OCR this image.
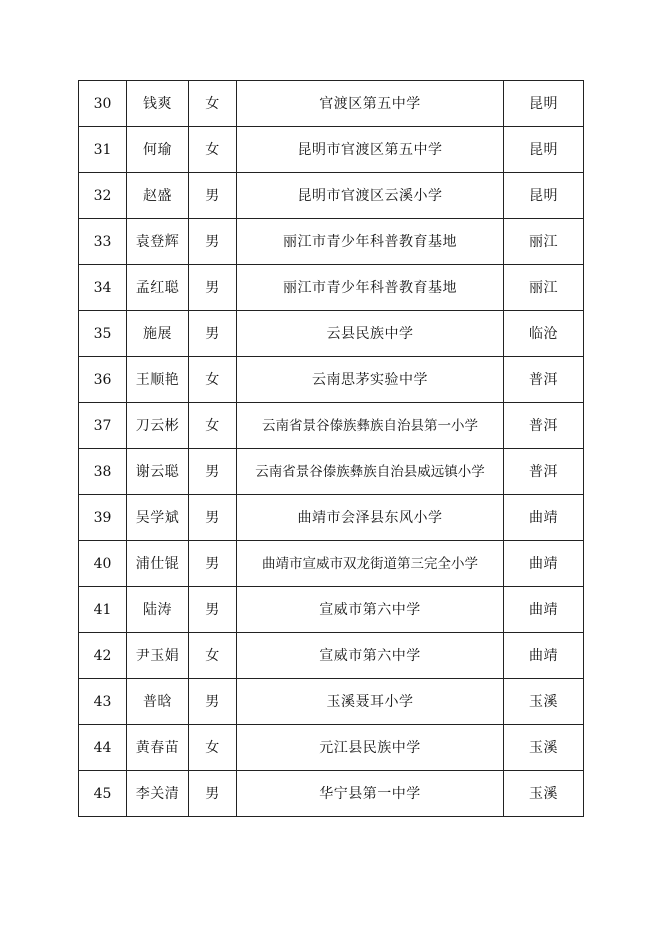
30	钱爽	女	官渡区第五中学	昆明
31	何瑜	女	昆明市官渡区第五中学	昆明
32	赵盛	男	昆明市官渡区云溪小学	昆明
33	袁登辉	男	丽江市青少年科普教育基地	丽江
34	孟红聪	男	丽江市青少年科普教育基地	丽江
35	施展	男	云县民族中学	临沧
36	王顺艳	女	云南思茅实验中学	普洱
37	刀云彬	女	云南省景谷傣族彝族自治县第一小学	普洱
38	谢云聪	男	云南省景谷傣族彝族自治县威远镇小学	普洱
39	吴学斌	男	曲靖市会泽县东风小学	曲靖
40	浦仕锟	男	曲靖市宣威市双龙街道第三完全小学	曲靖
41	陆涛	男	宣威市第六中学	曲靖
42	尹玉娟	女	宣威市第六中学	曲靖
43	普晗	男	玉溪聂耳小学	玉溪
44	黄春苗	女	元江县民族中学	玉溪
45	李关清	男	华宁县第一中学	玉溪
